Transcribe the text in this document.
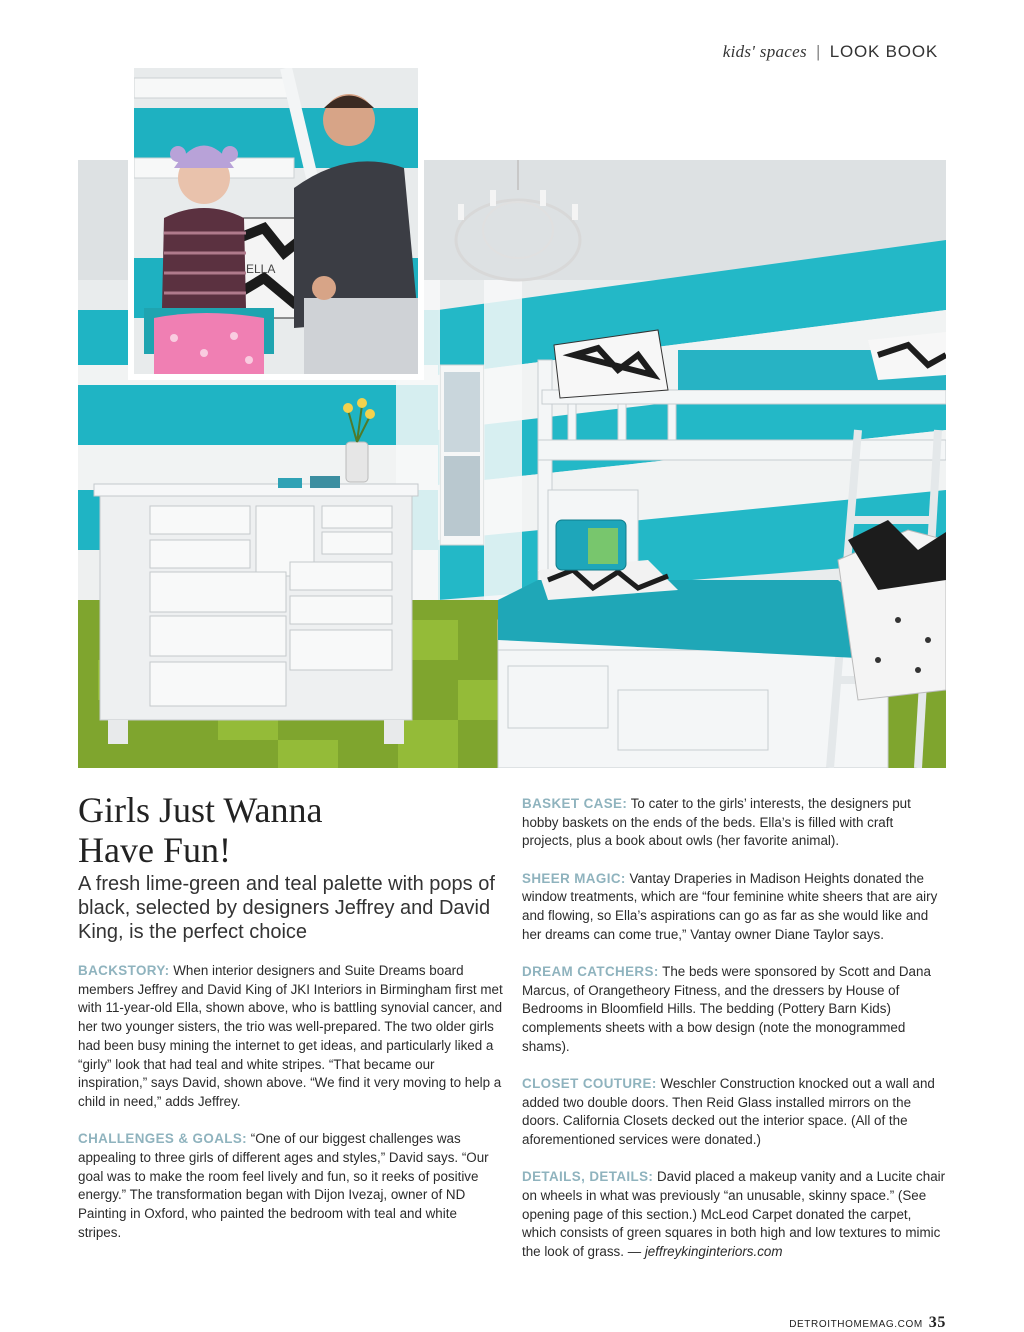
kids' spaces | LOOK BOOK
ELLA
Girls Just Wanna
Have Fun!

A fresh lime-green and teal palette with pops of black, selected by designers Jeffrey and David King, is the perfect choice

BACKSTORY: When interior designers and Suite Dreams board members Jeffrey and David King of JKI Interiors in Birmingham first met with 11-year-old Ella, shown above, who is battling synovial cancer, and her two younger sisters, the trio was well-prepared. The two older girls had been busy mining the internet to get ideas, and particularly liked a “girly” look that had teal and white stripes. “That became our inspiration,” says David, shown above. “We find it very moving to help a child in need,” adds Jeffrey.

CHALLENGES & GOALS: “One of our biggest challenges was appealing to three girls of different ages and styles,” David says. “Our goal was to make the room feel lively and fun, so it reeks of positive energy.” The transformation began with Dijon Ivezaj, owner of ND Painting in Oxford, who painted the bedroom with teal and white stripes.

BASKET CASE: To cater to the girls’ interests, the designers put hobby baskets on the ends of the beds. Ella’s is filled with craft projects, plus a book about owls (her favorite animal).

SHEER MAGIC: Vantay Draperies in Madison Heights donated the window treatments, which are “four feminine white sheers that are airy and flowing, so Ella’s aspirations can go as far as she would like and her dreams can come true,” Vantay owner Diane Taylor says.

DREAM CATCHERS: The beds were sponsored by Scott and Dana Marcus, of Orangetheory Fitness, and the dressers by House of Bedrooms in Bloomfield Hills. The bedding (Pottery Barn Kids) complements sheets with a bow design (note the monogrammed shams).

CLOSET COUTURE: Weschler Construction knocked out a wall and added two double doors. Then Reid Glass installed mirrors on the doors. California Closets decked out the interior space. (All of the aforementioned services were donated.)

DETAILS, DETAILS: David placed a makeup vanity and a Lucite chair on wheels in what was previously “an unusable, skinny space.” (See opening page of this section.) McLeod Carpet donated the carpet, which consists of green squares in both high and low textures to mimic the look of grass. — jeffreykinginteriors.com

DETROITHOMEMAG.COM 35
